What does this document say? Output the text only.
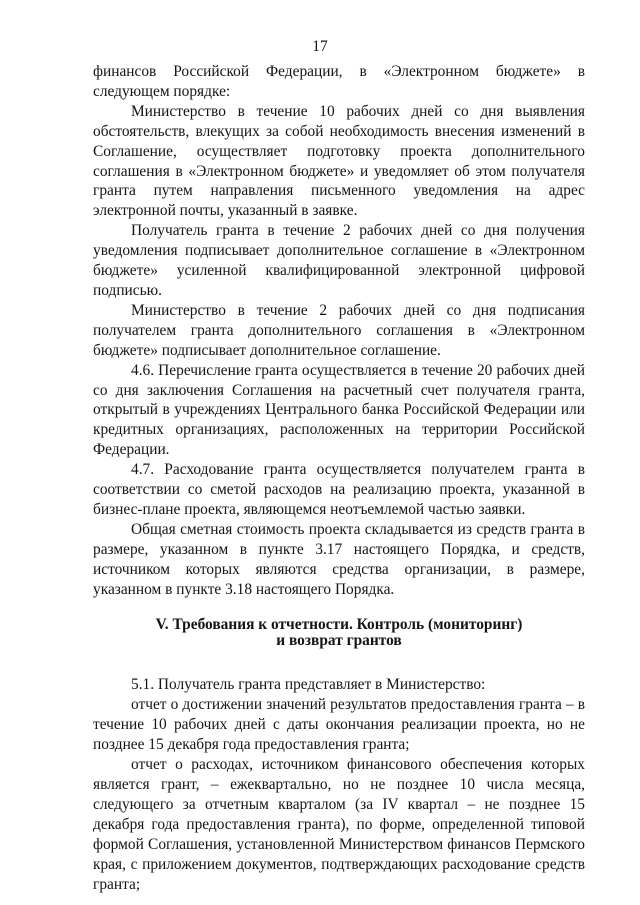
17

финансов Российской Федерации, в «Электронном бюджете» в следующем порядке:

Министерство в течение 10 рабочих дней со дня выявления обстоятельств, влекущих за собой необходимость внесения изменений в Соглашение, осуществляет подготовку проекта дополнительного соглашения в «Электронном бюджете» и уведомляет об этом получателя гранта путем направления письменного уведомления на адрес электронной почты, указанный в заявке.

Получатель гранта в течение 2 рабочих дней со дня получения уведомления подписывает дополнительное соглашение в «Электронном бюджете» усиленной квалифицированной электронной цифровой подписью.

Министерство в течение 2 рабочих дней со дня подписания получателем гранта дополнительного соглашения в «Электронном бюджете» подписывает дополнительное соглашение.

4.6. Перечисление гранта осуществляется в течение 20 рабочих дней со дня заключения Соглашения на расчетный счет получателя гранта, открытый в учреждениях Центрального банка Российской Федерации или кредитных организациях, расположенных на территории Российской Федерации.

4.7. Расходование гранта осуществляется получателем гранта в соответствии со сметой расходов на реализацию проекта, указанной в бизнес-плане проекта, являющемся неотъемлемой частью заявки.

Общая сметная стоимость проекта складывается из средств гранта в размере, указанном в пункте 3.17 настоящего Порядка, и средств, источником которых являются средства организации, в размере, указанном в пункте 3.18 настоящего Порядка.

V. Требования к отчетности. Контроль (мониторинг)
и возврат грантов

5.1. Получатель гранта представляет в Министерство:

отчет о достижении значений результатов предоставления гранта – в течение 10 рабочих дней с даты окончания реализации проекта, но не позднее 15 декабря года предоставления гранта;

отчет о расходах, источником финансового обеспечения которых является грант, – ежеквартально, но не позднее 10 числа месяца, следующего за отчетным кварталом (за IV квартал – не позднее 15 декабря года предоставления гранта), по форме, определенной типовой формой Соглашения, установленной Министерством финансов Пермского края, с приложением документов, подтверждающих расходование средств гранта;
